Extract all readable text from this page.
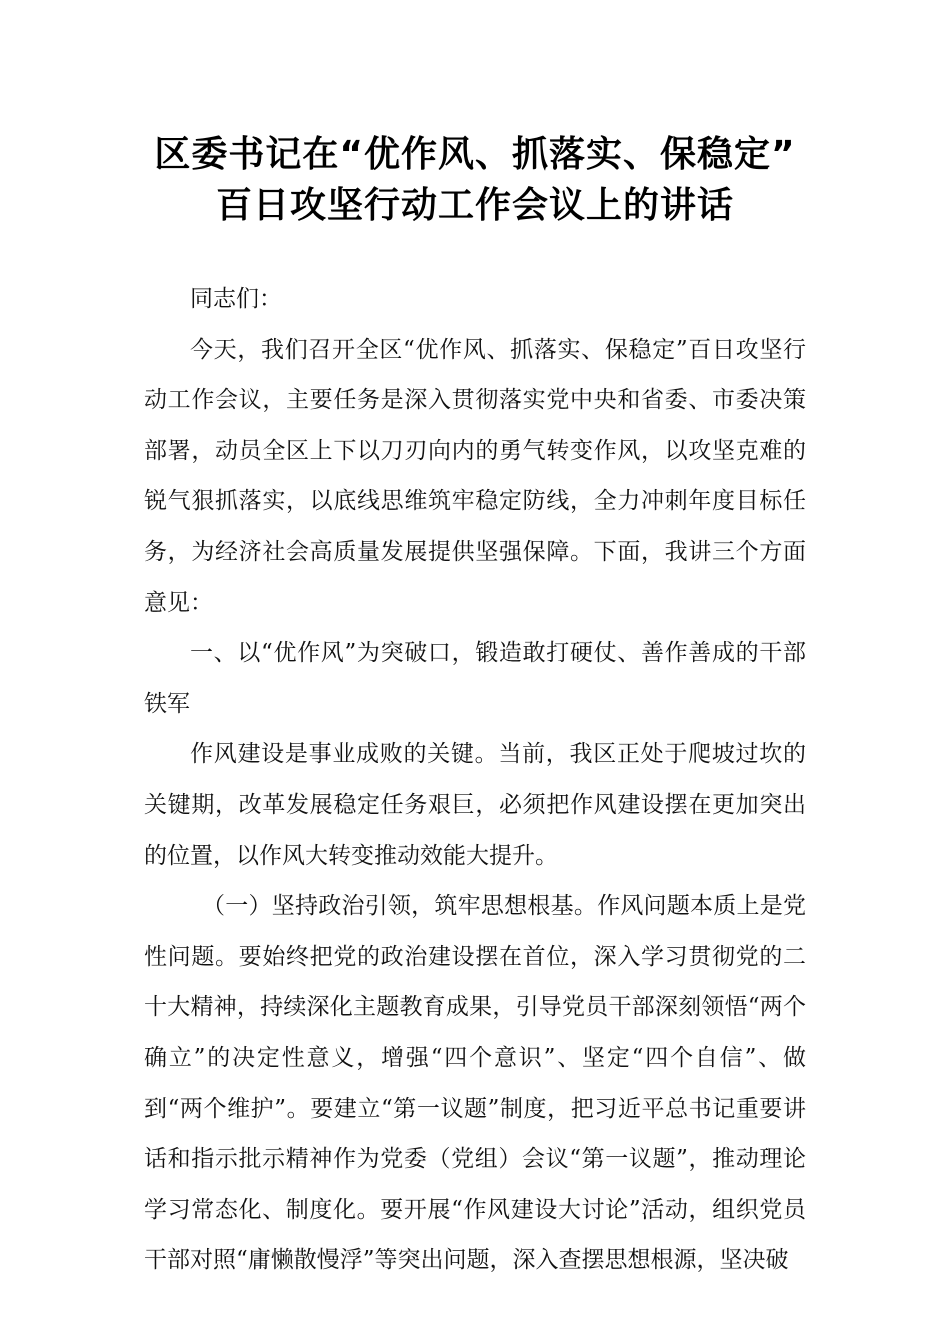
区委书记在“优作风、抓落实、保稳定”
百日攻坚行动工作会议上的讲话

同志们：

今天，我们召开全区“优作风、抓落实、保稳定”百日攻坚行动工作会议，主要任务是深入贯彻落实党中央和省委、市委决策部署，动员全区上下以刀刃向内的勇气转变作风，以攻坚克难的锐气狠抓落实，以底线思维筑牢稳定防线，全力冲刺年度目标任务，为经济社会高质量发展提供坚强保障。下面，我讲三个方面意见：

一、以“优作风”为突破口，锻造敢打硬仗、善作善成的干部铁军

作风建设是事业成败的关键。当前，我区正处于爬坡过坎的关键期，改革发展稳定任务艰巨，必须把作风建设摆在更加突出的位置，以作风大转变推动效能大提升。

（一）坚持政治引领，筑牢思想根基。作风问题本质上是党性问题。要始终把党的政治建设摆在首位，深入学习贯彻党的二十大精神，持续深化主题教育成果，引导党员干部深刻领悟“两个确立”的决定性意义，增强“四个意识”、坚定“四个自信”、做到“两个维护”。要建立“第一议题”制度，把习近平总书记重要讲话和指示批示精神作为党委（党组）会议“第一议题”，推动理论学习常态化、制度化。要开展“作风建设大讨论”活动，组织党员干部对照“庸懒散慢浮”等突出问题，深入查摆思想根源，坚决破
